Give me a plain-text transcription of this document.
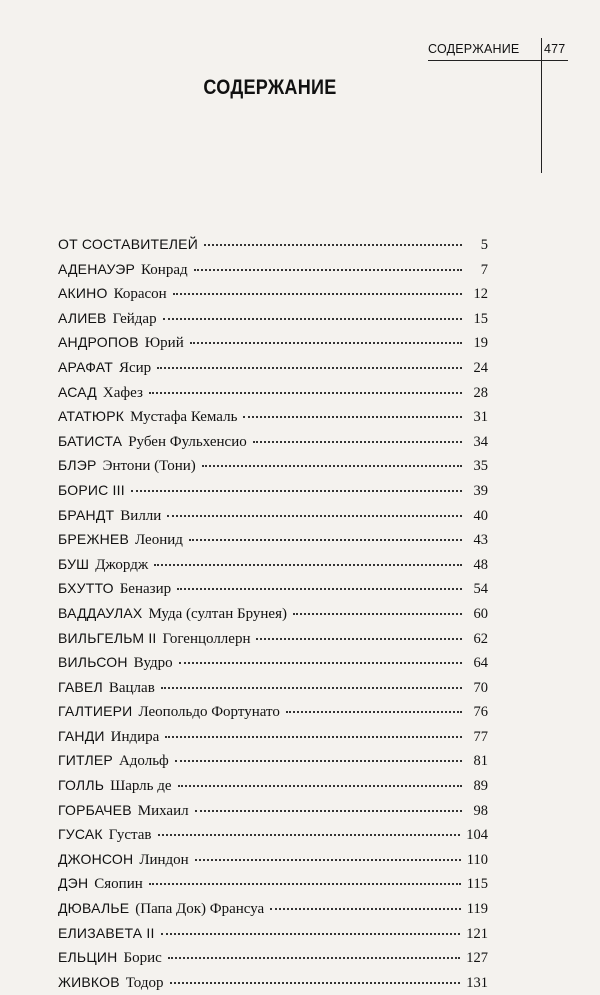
СОДЕРЖАНИЕ 477
СОДЕРЖАНИЕ
ОТ СОСТАВИТЕЛЕЙ	5
АДЕНАУЭР Конрад	7
АКИНО Корасон	12
АЛИЕВ Гейдар	15
АНДРОПОВ Юрий	19
АРАФАТ Ясир	24
АСАД Хафез	28
АТАТЮРК Мустафа Кемаль	31
БАТИСТА Рубен Фульхенсио	34
БЛЭР Энтони (Тони)	35
БОРИС III	39
БРАНДТ Вилли	40
БРЕЖНЕВ Леонид	43
БУШ Джордж	48
БХУТТО Беназир	54
ВАДДАУЛАХ Муда (султан Брунея)	60
ВИЛЬГЕЛЬМ II Гогенцоллерн	62
ВИЛЬСОН Вудро	64
ГАВЕЛ Вацлав	70
ГАЛТИЕРИ Леопольдо Фортунато	76
ГАНДИ Индира	77
ГИТЛЕР Адольф	81
ГОЛЛЬ Шарль де	89
ГОРБАЧЕВ Михаил	98
ГУСАК Густав	104
ДЖОНСОН Линдон	110
ДЭН Сяопин	115
ДЮВАЛЬЕ (Папа Док) Франсуа	119
ЕЛИЗАВЕТА II	121
ЕЛЬЦИН Борис	127
ЖИВКОВ Тодор	131
